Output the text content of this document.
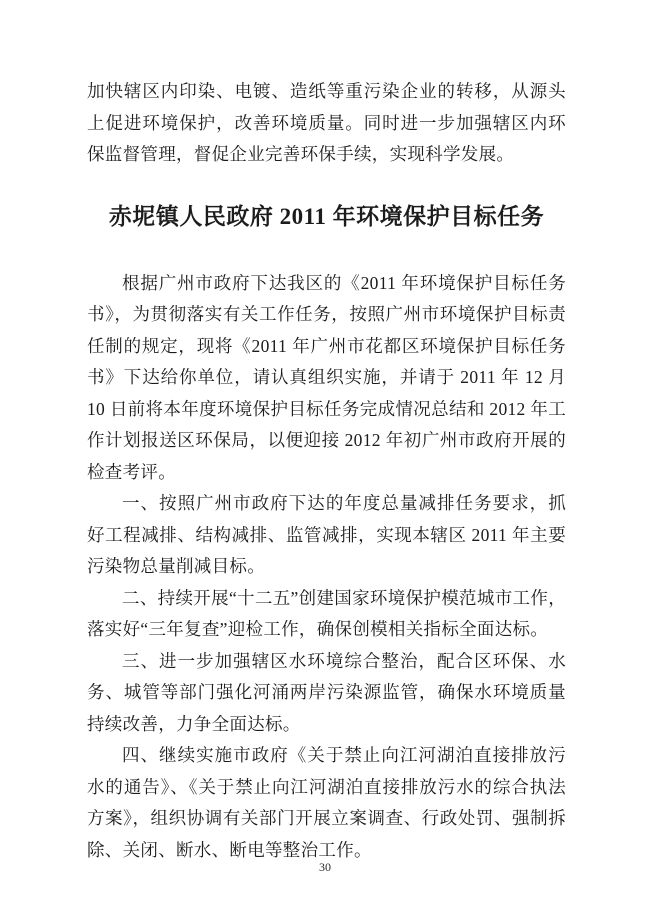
加快辖区内印染、电镀、造纸等重污染企业的转移，从源头上促进环境保护，改善环境质量。同时进一步加强辖区内环保监督管理，督促企业完善环保手续，实现科学发展。

赤坭镇人民政府 2011 年环境保护目标任务

根据广州市政府下达我区的《2011 年环境保护目标任务书》，为贯彻落实有关工作任务，按照广州市环境保护目标责任制的规定，现将《2011 年广州市花都区环境保护目标任务书》下达给你单位，请认真组织实施，并请于 2011 年 12 月 10 日前将本年度环境保护目标任务完成情况总结和 2012 年工作计划报送区环保局，以便迎接 2012 年初广州市政府开展的检查考评。

一、按照广州市政府下达的年度总量减排任务要求，抓好工程减排、结构减排、监管减排，实现本辖区 2011 年主要污染物总量削减目标。

二、持续开展“十二五”创建国家环境保护模范城市工作，落实好“三年复查”迎检工作，确保创模相关指标全面达标。

三、进一步加强辖区水环境综合整治，配合区环保、水务、城管等部门强化河涌两岸污染源监管，确保水环境质量持续改善，力争全面达标。

四、继续实施市政府《关于禁止向江河湖泊直接排放污水的通告》、《关于禁止向江河湖泊直接排放污水的综合执法方案》，组织协调有关部门开展立案调查、行政处罚、强制拆除、关闭、断水、断电等整治工作。

30
